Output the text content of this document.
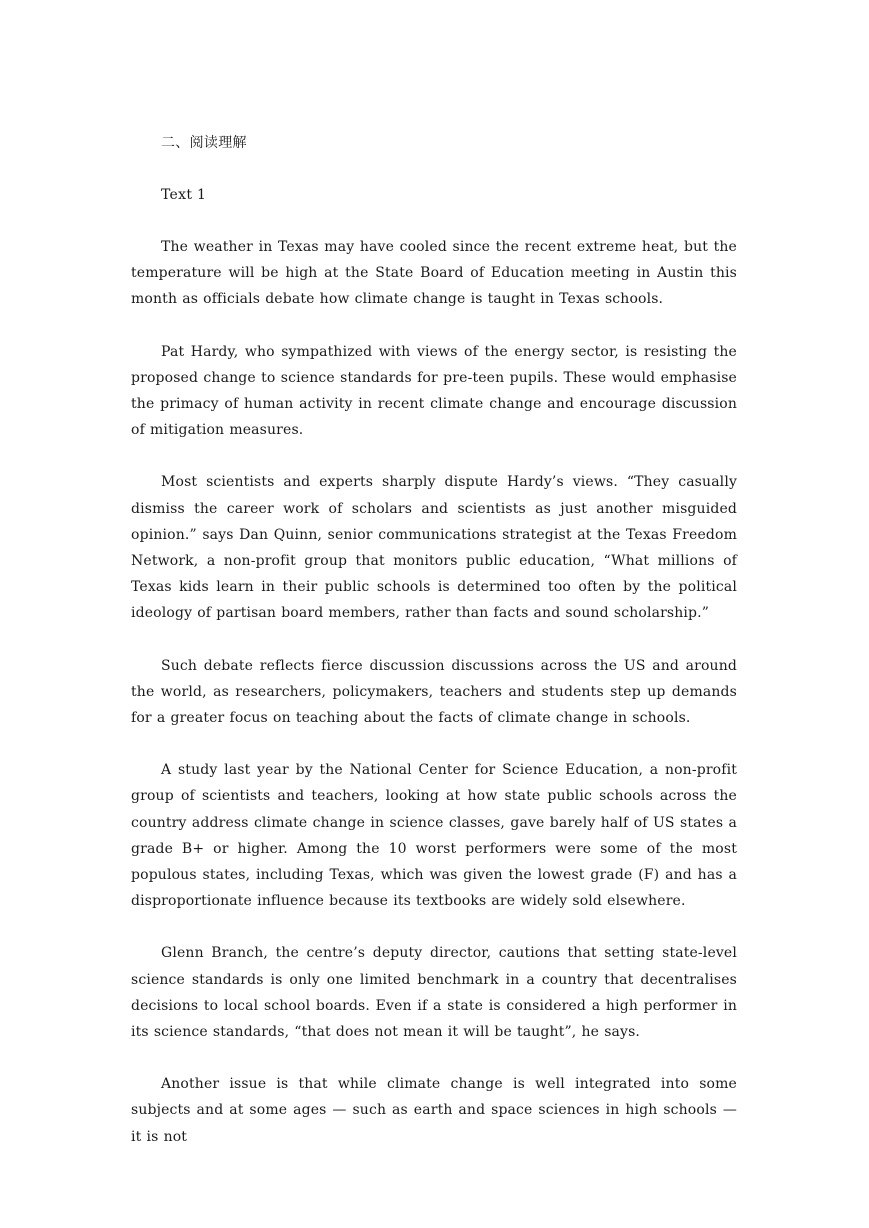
二、阅读理解

Text 1

The weather in Texas may have cooled since the recent extreme heat, but the temperature will be high at the State Board of Education meeting in Austin this month as officials debate how climate change is taught in Texas schools.

Pat Hardy, who sympathized with views of the energy sector, is resisting the proposed change to science standards for pre-teen pupils. These would emphasise the primacy of human activity in recent climate change and encourage discussion of mitigation measures.

Most scientists and experts sharply dispute Hardy’s views. “They casually dismiss the career work of scholars and scientists as just another misguided opinion.” says Dan Quinn, senior communications strategist at the Texas Freedom Network, a non-profit group that monitors public education, “What millions of Texas kids learn in their public schools is determined too often by the political ideology of partisan board members, rather than facts and sound scholarship.”

Such debate reflects fierce discussion discussions across the US and around the world, as researchers, policymakers, teachers and students step up demands for a greater focus on teaching about the facts of climate change in schools.

A study last year by the National Center for Science Education, a non-profit group of scientists and teachers, looking at how state public schools across the country address climate change in science classes, gave barely half of US states a grade B+ or higher. Among the 10 worst performers were some of the most populous states, including Texas, which was given the lowest grade (F) and has a disproportionate influence because its textbooks are widely sold elsewhere.

Glenn Branch, the centre’s deputy director, cautions that setting state-level science standards is only one limited benchmark in a country that decentralises decisions to local school boards. Even if a state is considered a high performer in its science standards, “that does not mean it will be taught”, he says.

Another issue is that while climate change is well integrated into some subjects and at some ages — such as earth and space sciences in high schools — it is not
